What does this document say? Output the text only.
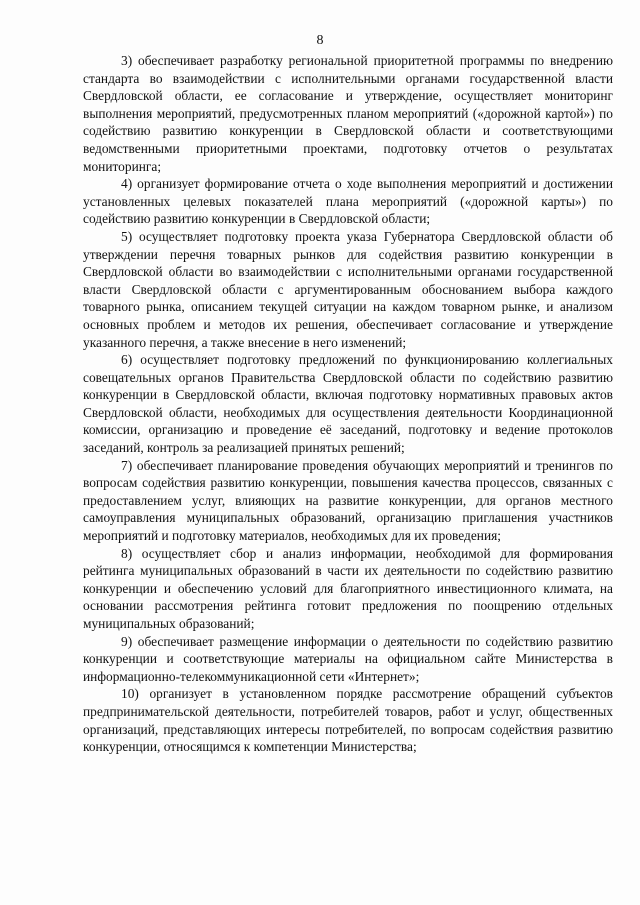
8

3) обеспечивает разработку региональной приоритетной программы по внедрению стандарта во взаимодействии с исполнительными органами государственной власти Свердловской области, ее согласование и утверждение, осуществляет мониторинг выполнения мероприятий, предусмотренных планом мероприятий («дорожной картой») по содействию развитию конкуренции в Свердловской области и соответствующими ведомственными приоритетными проектами, подготовку отчетов о результатах мониторинга;

4) организует формирование отчета о ходе выполнения мероприятий и достижении установленных целевых показателей плана мероприятий («дорожной карты») по содействию развитию конкуренции в Свердловской области;

5) осуществляет подготовку проекта указа Губернатора Свердловской области об утверждении перечня товарных рынков для содействия развитию конкуренции в Свердловской области во взаимодействии с исполнительными органами государственной власти Свердловской области с аргументированным обоснованием выбора каждого товарного рынка, описанием текущей ситуации на каждом товарном рынке, и анализом основных проблем и методов их решения, обеспечивает согласование и утверждение указанного перечня, а также внесение в него изменений;

6) осуществляет подготовку предложений по функционированию коллегиальных совещательных органов Правительства Свердловской области по содействию развитию конкуренции в Свердловской области, включая подготовку нормативных правовых актов Свердловской области, необходимых для осуществления деятельности Координационной комиссии, организацию и проведение её заседаний, подготовку и ведение протоколов заседаний, контроль за реализацией принятых решений;

7) обеспечивает планирование проведения обучающих мероприятий и тренингов по вопросам содействия развитию конкуренции, повышения качества процессов, связанных с предоставлением услуг, влияющих на развитие конкуренции, для органов местного самоуправления муниципальных образований, организацию приглашения участников мероприятий и подготовку материалов, необходимых для их проведения;

8) осуществляет сбор и анализ информации, необходимой для формирования рейтинга муниципальных образований в части их деятельности по содействию развитию конкуренции и обеспечению условий для благоприятного инвестиционного климата, на основании рассмотрения рейтинга готовит предложения по поощрению отдельных муниципальных образований;

9) обеспечивает размещение информации о деятельности по содействию развитию конкуренции и соответствующие материалы на официальном сайте Министерства в информационно-телекоммуникационной сети «Интернет»;

10) организует в установленном порядке рассмотрение обращений субъектов предпринимательской деятельности, потребителей товаров, работ и услуг, общественных организаций, представляющих интересы потребителей, по вопросам содействия развитию конкуренции, относящимся к компетенции Министерства;
